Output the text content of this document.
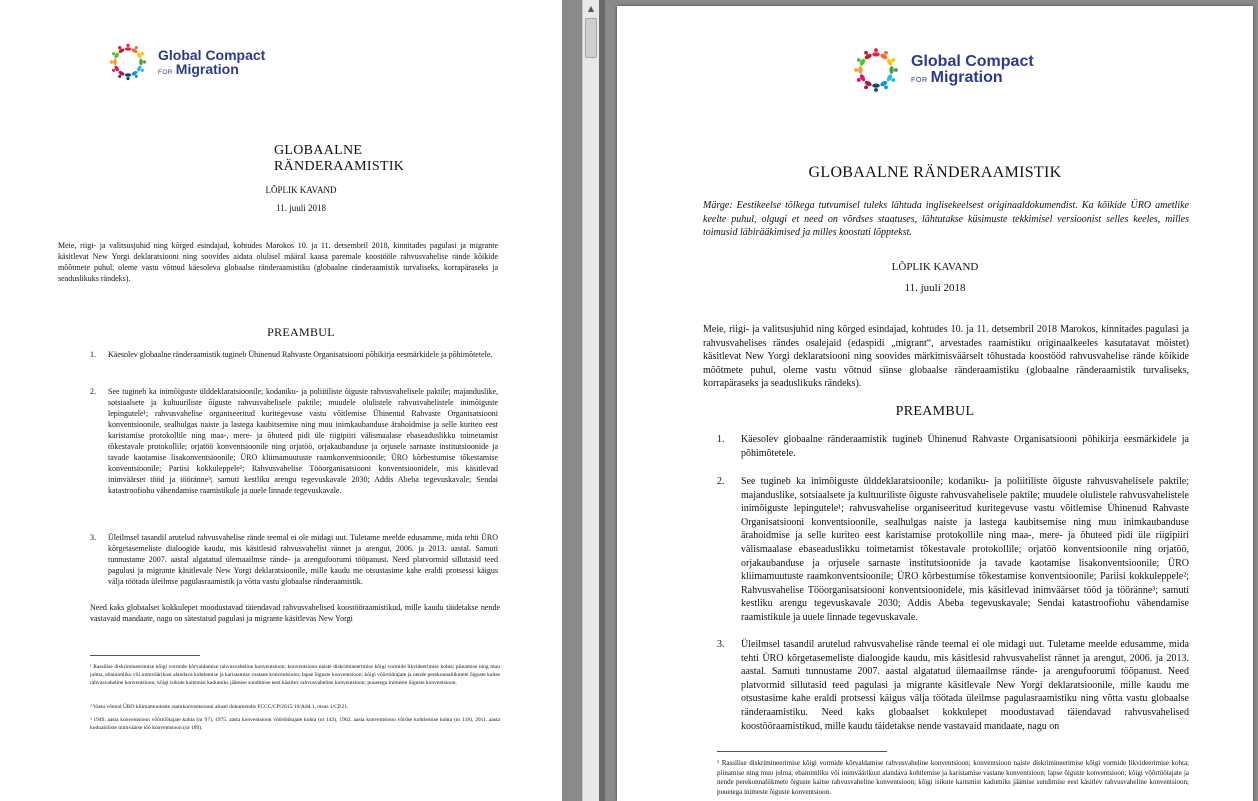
Global Compact
FOR Migration
GLOBAALNE RÄNDERAAMISTIK
LÕPLIK KAVAND
11. juuli 2018
Meie, riigi- ja valitsusjuhid ning kõrged esindajad, kohtudes Marokos 10. ja 11. detsembril 2018, kinnitades pagulasi ja migrante käsitlevat New Yorgi deklaratsiooni ning soovides aidata olulisel määral kaasa paremale koostööle rahvusvahelise rände kõikide mõõtmete puhul, oleme vastu võtnud käesoleva globaalse ränderaamistiku (globaalne ränderaamistik turvaliseks, korrapäraseks ja seaduslikuks rändeks).
PREAMBUL
1. Käesolev globaalne ränderaamistik tugineb Ühinenud Rahvaste Organisatsiooni põhikirja eesmärkidele ja põhimõtetele.
2. See tugineb ka inimõiguste ülddeklaratsioonile; kodaniku- ja poliitiliste õiguste rahvusvahelisele paktile; majanduslike, sotsiaalsete ja kultuuriliste õiguste rahvusvahelisele paktile; muudele olulistele rahvusvahelistele inimõiguste lepingutele¹; rahvusvahelise organiseeritud kuritegevuse vastu võitlemise Ühinenud Rahvaste Organisatsiooni konventsioonile, sealhulgas naiste ja lastega kaubitsemise ning muu inimkaubanduse ärahoidmise ja selle kuriteo eest karistamise protokollile ning maa-, mere- ja õhuteed pidi üle riigipiiri välismaalase ebaseaduslikku toimetamist tõkestavale protokollile; orjatöö konventsioonile ning orjatöö, orjakaubanduse ja orjusele sarnaste institutsioonide ja tavade kaotamise lisakonventsioonile; ÜRO kliimamuutuste raamkonventsioonile; ÜRO kõrbestumise tõkestamise konventsioonile; Pariisi kokkuleppele²; Rahvusvahelise Tööorganisatsiooni konventsioonidele, mis käsitlevad inimväärset tööd ja tööränne³; samuti kestliku arengu tegevuskavale 2030; Addis Abeba tegevuskavale; Sendai katastroofiohu vähendamise raamistikule ja uuele linnade tegevuskavale.
3. Üleilmsel tasandil arutelud rahvusvahelise rände teemal ei ole midagi uut. Tuletame meelde edusamme, mida tehti ÜRO kõrgetasemeliste dialoogide kaudu, mis käsitlesid rahvusvahelist rännet ja arengut, 2006. ja 2013. aastal. Samuti tunnustame 2007. aastal algatatud ülemaailmse rände- ja arengufoorumi tööpanust. Need platvormid sillutasid teed pagulasi ja migrante käsitlevale New Yorgi deklaratsioonile, mille kaudu me otsustasime kahe eraldi protsessi käigus välja töötada üleilmse pagulasraamistik ja võtta vastu globaalse ränderaamistik.
Need kaks globaalset kokkulepet moodustavad täiendavad rahvusvahelised koostööraamistikud, mille kaudu täidetakse nende vastavaid mandaate, nagu on sätestatud pagulasi ja migrante käsitlevas New Yorgi
¹ Rassilise diskrimineerimise kõigi vormide kõrvaldamise rahvusvaheline konventsioon; konventsioon naiste diskrimineerimise kõigi vormide likvideerimise kohta; piinamise ning muu julma, ebainimliku või inimväärikust alandava kohtlemise ja karistamise vastane konventsioon; lapse õiguste konventsioon; kõigi võõrtöötajate ja nende perekonnaliikmete õiguste kaitse rahvusvaheline konventsioon; kõigi isikute kaitsmist kadumiks jäämise sundimise eest käsitlev rahvusvaheline konventsioon; puuetega inimeste õiguste konventsioon.
² Vastu võetud ÜRO kliimamuutuste raamkonventsiooni alusel dokumendis FCCC/CP/2015/10/Add.1, otsus 1/CP.21.
³ 1949. aasta konventsioon võõrtöötajate kohta (nr 97), 1975. aasta konventsioon võõrtöötajate kohta (nr 143), 1962. aasta konventsioon võrdse kohtlemise kohta (nr 118), 2011. aasta koduabiliste inimväärse töö konventsioon (nr 189).
▲
Global Compact
FOR Migration
GLOBAALNE RÄNDERAAMISTIK
Märge: Eestikeelse tõlkega tutvumisel tuleks lähtuda inglisekeelsest originaaldokumendist. Ka kõikide ÜRO ametlike keelte puhul, olgugi et need on võrdses staatuses, lähtutakse küsimuste tekkimisel versioonist selles keeles, milles toimusid läbirääkimised ja milles koostati lõpptekst.
LÕPLIK KAVAND
11. juuli 2018
Meie, riigi- ja valitsusjuhid ning kõrged esindajad, kohtudes 10. ja 11. detsembril 2018 Marokos, kinnitades pagulasi ja rahvusvahelises rändes osalejaid (edaspidi „migrant“, arvestades raamistiku originaalkeeles kasutatavat mõistet) käsitlevat New Yorgi deklaratsiooni ning soovides märkimisväärselt tõhustada koostööd rahvusvahelise rände kõikide mõõtmete puhul, oleme vastu võtnud siinse globaalse ränderaamistiku (globaalne ränderaamistik turvaliseks, korrapäraseks ja seaduslikuks rändeks).
PREAMBUL
1. Käesolev globaalne ränderaamistik tugineb Ühinenud Rahvaste Organisatsiooni põhikirja eesmärkidele ja põhimõtetele.
2. See tugineb ka inimõiguste ülddeklaratsioonile; kodaniku- ja poliitiliste õiguste rahvusvahelisele paktile; majanduslike, sotsiaalsete ja kultuuriliste õiguste rahvusvahelisele paktile; muudele olulistele rahvusvahelistele inimõiguste lepingutele¹; rahvusvahelise organiseeritud kuritegevuse vastu võitlemise Ühinenud Rahvaste Organisatsiooni konventsioonile, sealhulgas naiste ja lastega kaubitsemise ning muu inimkaubanduse ärahoidmise ja selle kuriteo eest karistamise protokollile ning maa-, mere- ja õhuteed pidi üle riigipiiri välismaalase ebaseaduslikku toimetamist tõkestavale protokollile; orjatöö konventsioonile ning orjatöö, orjakaubanduse ja orjusele sarnaste institutsioonide ja tavade kaotamise lisakonventsioonile; ÜRO kliimamuutuste raamkonventsioonile; ÜRO kõrbestumise tõkestamise konventsioonile; Pariisi kokkuleppele²; Rahvusvahelise Tööorganisatsiooni konventsioonidele, mis käsitlevad inimväärset tööd ja tööränne³; samuti kestliku arengu tegevuskavale 2030; Addis Abeba tegevuskavale; Sendai katastroofiohu vähendamise raamistikule ja uuele linnade tegevuskavale.
3. Üleilmsel tasandil arutelud rahvusvahelise rände teemal ei ole midagi uut. Tuletame meelde edusamme, mida tehti ÜRO kõrgetasemeliste dialoogide kaudu, mis käsitlesid rahvusvahelist rännet ja arengut, 2006. ja 2013. aastal. Samuti tunnustame 2007. aastal algatatud ülemaailmse rände- ja arengufoorumi tööpanust. Need platvormid sillutasid teed pagulasi ja migrante käsitlevale New Yorgi deklaratsioonile, mille kaudu me otsustasime kahe eraldi protsessi käigus välja töötada üleilmse pagulasraamistiku ning võtta vastu globaalse ränderaamistiku. Need kaks globaalset kokkulepet moodustavad täiendavad rahvusvahelised koostööraamistikud, mille kaudu täidetakse nende vastavaid mandaate, nagu on
¹ Rassilise diskrimineerimise kõigi vormide kõrvaldamise rahvusvaheline konventsioon; konventsioon naiste diskrimineerimise kõigi vormide likvideerimise kohta; piinamise ning muu julma, ebainimliku või inimväärikust alandava kohtlemise ja karistamise vastane konventsioon; lapse õiguste konventsioon; kõigi võõrtöötajate ja nende perekonnaliikmete õiguste kaitse rahvusvaheline konventsioon; kõigi isikute kaitsmist kadumiks jäämise sundimise eest käsitlev rahvusvaheline konventsioon; puuetega inimeste õiguste konventsioon.
